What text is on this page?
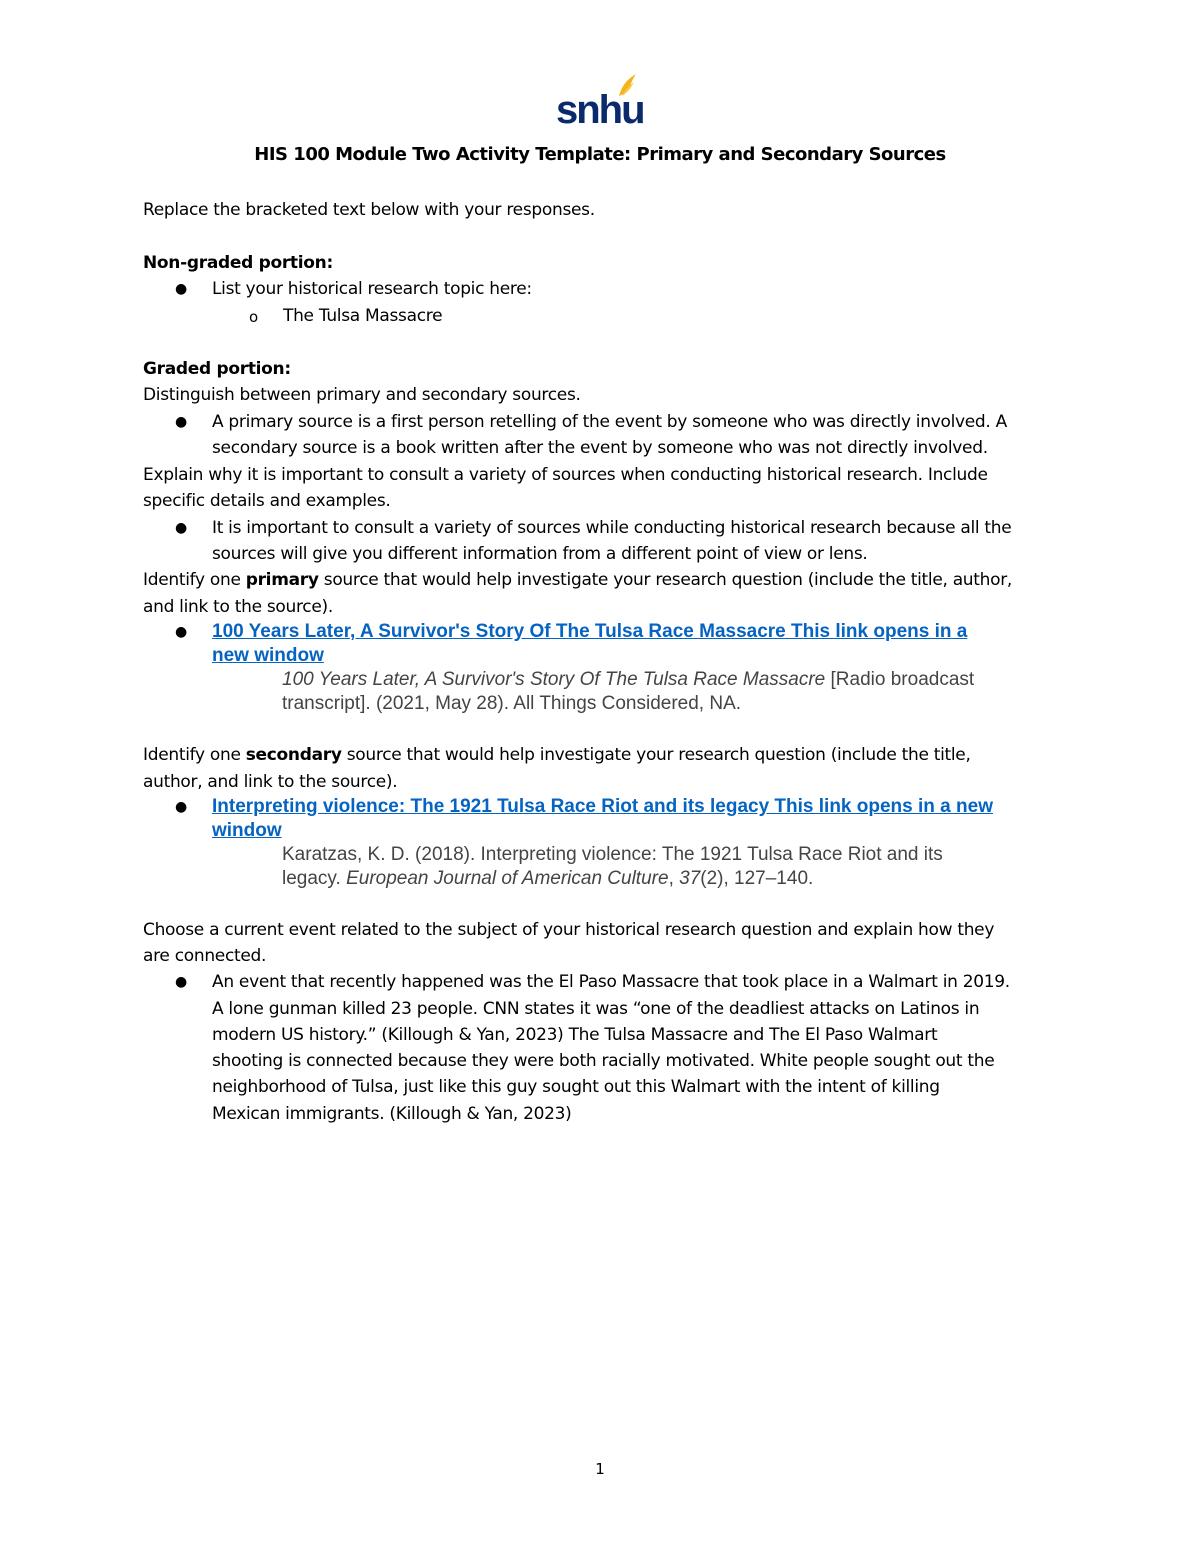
snhu
HIS 100 Module Two Activity Template: Primary and Secondary Sources
Replace the bracketed text below with your responses.
Non-graded portion:
● List your historical research topic here:
o The Tulsa Massacre
Graded portion:
Distinguish between primary and secondary sources.
● A primary source is a first person retelling of the event by someone who was directly involved. A
secondary source is a book written after the event by someone who was not directly involved.
Explain why it is important to consult a variety of sources when conducting historical research. Include
specific details and examples.
● It is important to consult a variety of sources while conducting historical research because all the
sources will give you different information from a different point of view or lens.
Identify one primary source that would help investigate your research question (include the title, author,
and link to the source).
● 100 Years Later, A Survivor's Story Of The Tulsa Race Massacre This link opens in a
new window
100 Years Later, A Survivor's Story Of The Tulsa Race Massacre [Radio broadcast
transcript]. (2021, May 28). All Things Considered, NA.
Identify one secondary source that would help investigate your research question (include the title,
author, and link to the source).
● Interpreting violence: The 1921 Tulsa Race Riot and its legacy This link opens in a new
window
Karatzas, K. D. (2018). Interpreting violence: The 1921 Tulsa Race Riot and its
legacy. European Journal of American Culture, 37(2), 127–140.
Choose a current event related to the subject of your historical research question and explain how they
are connected.
● An event that recently happened was the El Paso Massacre that took place in a Walmart in 2019.
A lone gunman killed 23 people. CNN states it was “one of the deadliest attacks on Latinos in
modern US history.” (Killough & Yan, 2023) The Tulsa Massacre and The El Paso Walmart
shooting is connected because they were both racially motivated. White people sought out the
neighborhood of Tulsa, just like this guy sought out this Walmart with the intent of killing
Mexican immigrants. (Killough & Yan, 2023)
1
